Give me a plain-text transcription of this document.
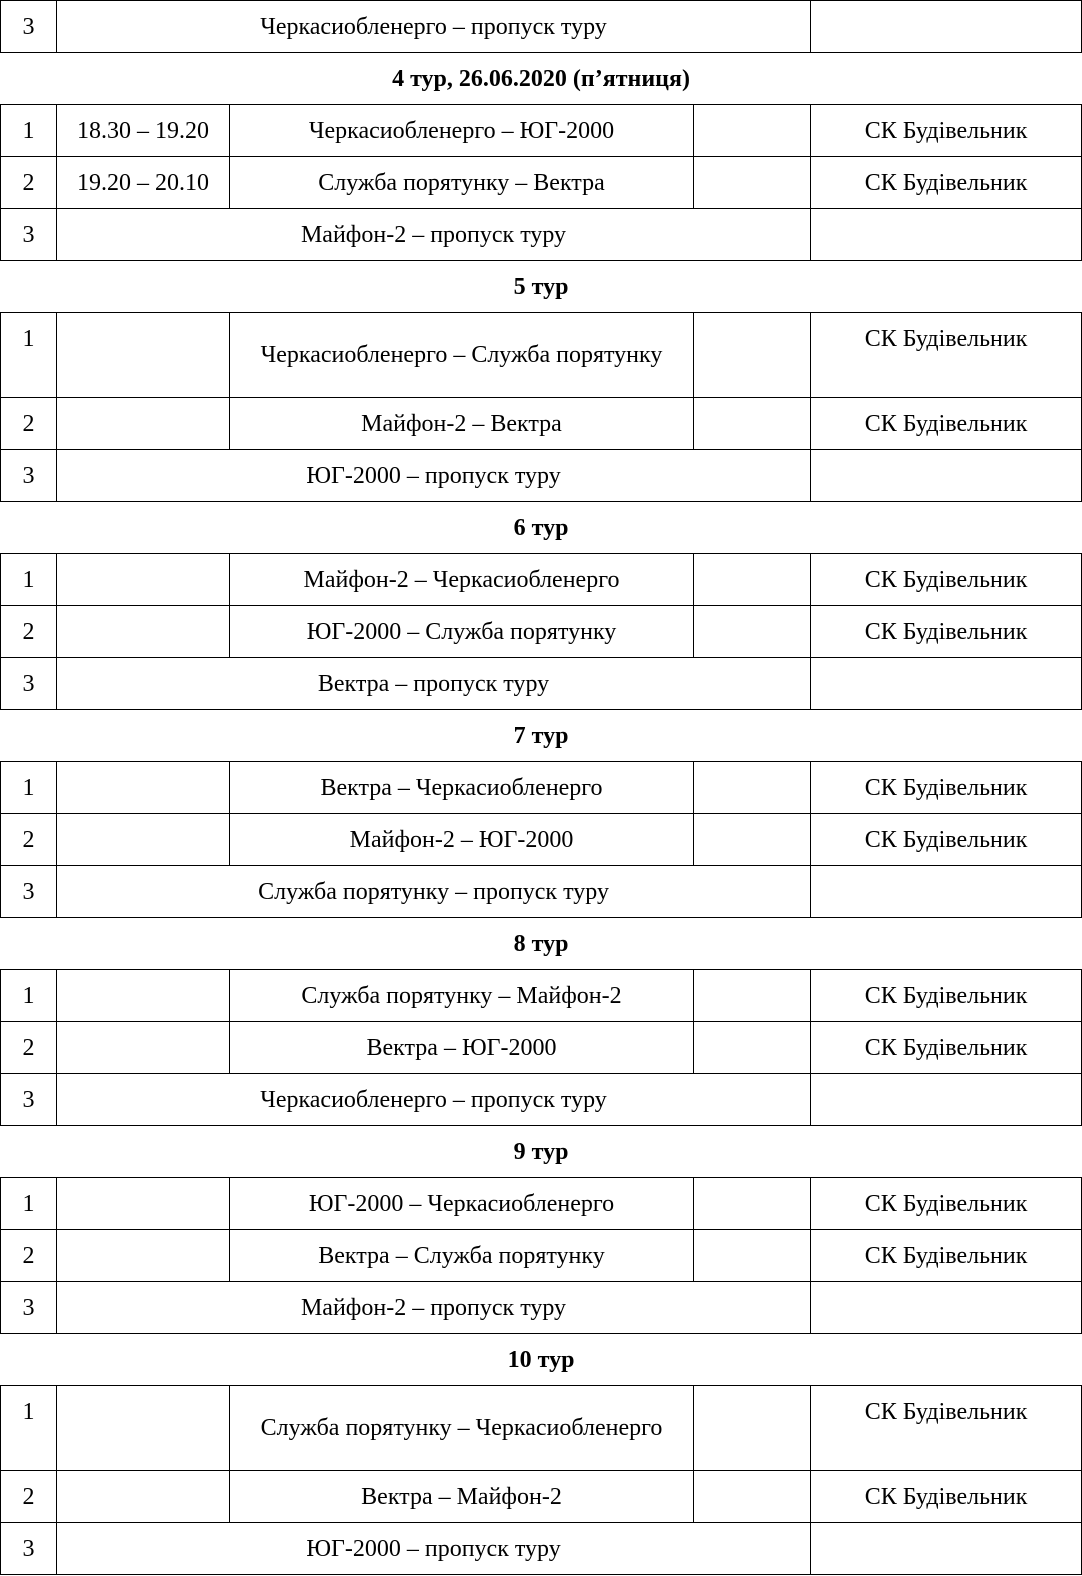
3	Черкасиобленерго – пропуск туру			
4 тур, 26.06.2020 (п’ятниця)				
1	18.30 – 19.20	Черкасиобленерго – ЮГ-2000		СК Будівельник
2	19.20 – 20.10	Служба порятунку – Вектра		СК Будівельник
3	Майфон-2 – пропуск туру			
5 тур				
1		Черкасиобленерго – Служба порятунку		СК Будівельник
2		Майфон-2 – Вектра		СК Будівельник
3	ЮГ-2000 – пропуск туру			
6 тур				
1		Майфон-2 – Черкасиобленерго		СК Будівельник
2		ЮГ-2000 – Служба порятунку		СК Будівельник
3	Вектра – пропуск туру			
7 тур				
1		Вектра – Черкасиобленерго		СК Будівельник
2		Майфон-2 – ЮГ-2000		СК Будівельник
3	Служба порятунку – пропуск туру			
8 тур				
1		Служба порятунку – Майфон-2		СК Будівельник
2		Вектра – ЮГ-2000		СК Будівельник
3	Черкасиобленерго – пропуск туру			
9 тур				
1		ЮГ-2000 – Черкасиобленерго		СК Будівельник
2		Вектра – Служба порятунку		СК Будівельник
3	Майфон-2 – пропуск туру			
10 тур				
1		Служба порятунку – Черкасиобленерго		СК Будівельник
2		Вектра – Майфон-2		СК Будівельник
3	ЮГ-2000 – пропуск туру			
